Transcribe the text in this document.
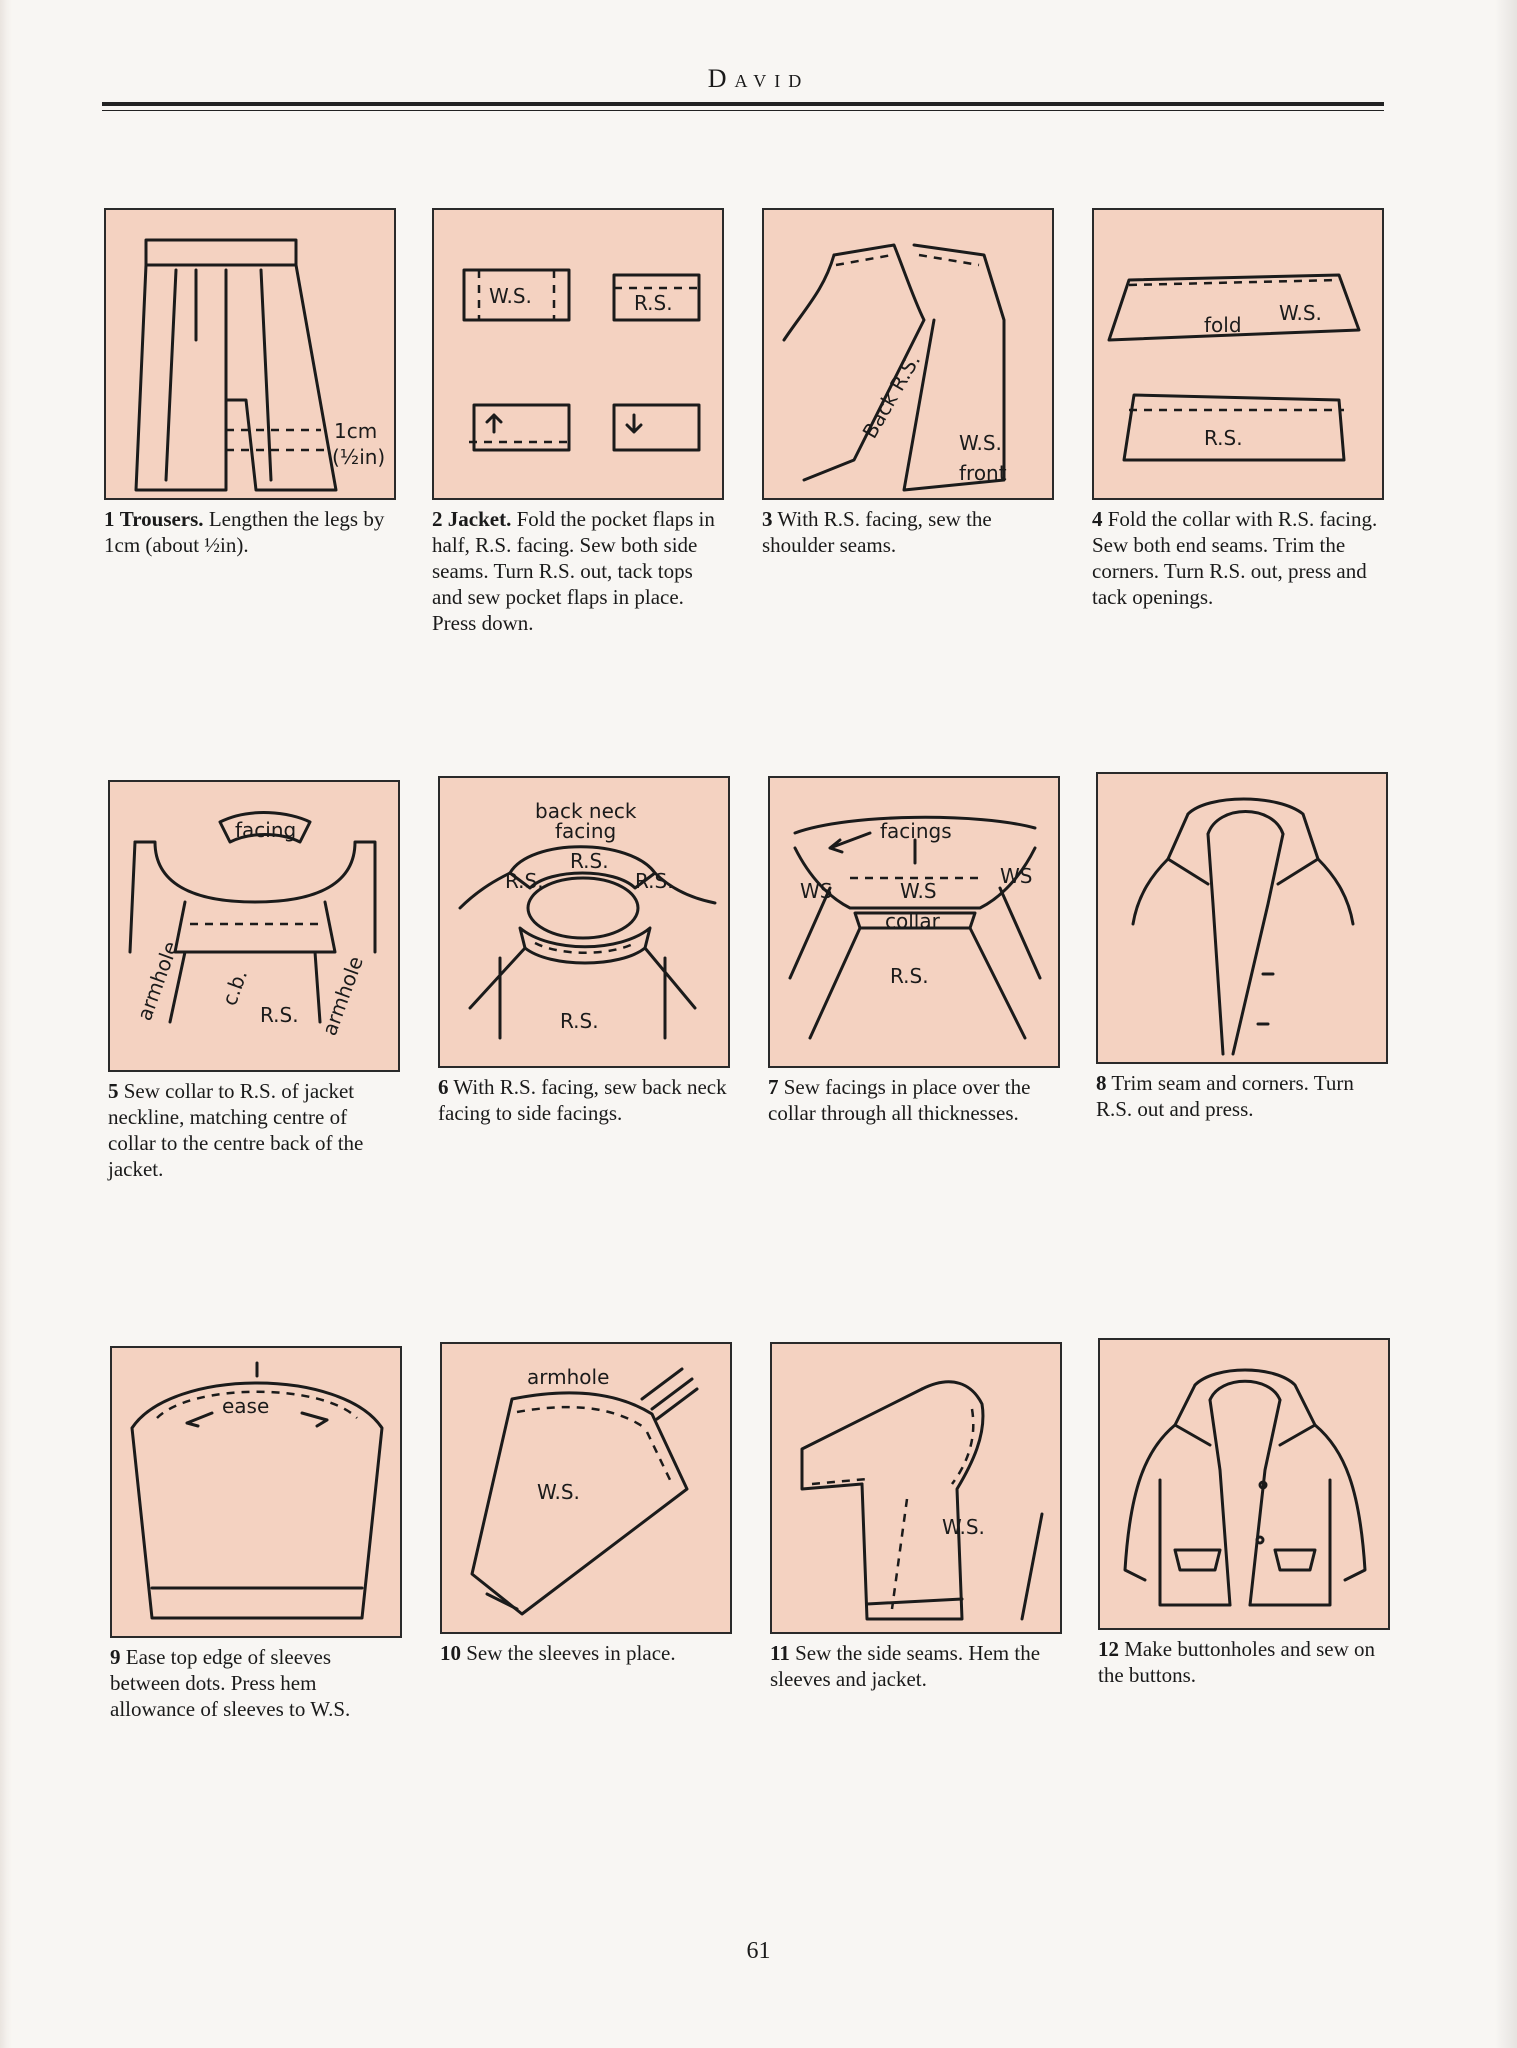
David
1cm
(½in)
1 Trousers. Lengthen the legs by 1cm (about ½in).
W.S.	R.S.
2 Jacket. Fold the pocket flaps in half, R.S. facing. Sew both side seams. Turn R.S. out, tack tops and sew pocket flaps in place. Press down.
Back R.S.
W.S.
front
3 With R.S. facing, sew the shoulder seams.
fold W.S.
R.S.
4 Fold the collar with R.S. facing. Sew both end seams. Trim the corners. Turn R.S. out, press and tack openings.
facing
armhole c.b.
R.S. armhole
5 Sew collar to R.S. of jacket neckline, matching centre of collar to the centre back of the jacket.
back neck
facing
R.S.
R.S.	R.S.
R.S.
6 With R.S. facing, sew back neck facing to side facings.
facings
WS	W.S
WS
collar
R.S.
7 Sew facings in place over the collar through all thicknesses.
8 Trim seam and corners. Turn R.S. out and press.
ease
9 Ease top edge of sleeves between dots. Press hem allowance of sleeves to W.S.
armhole
W.S.
10 Sew the sleeves in place.
W.S.
11 Sew the side seams. Hem the sleeves and jacket.
12 Make buttonholes and sew on the buttons.
61
